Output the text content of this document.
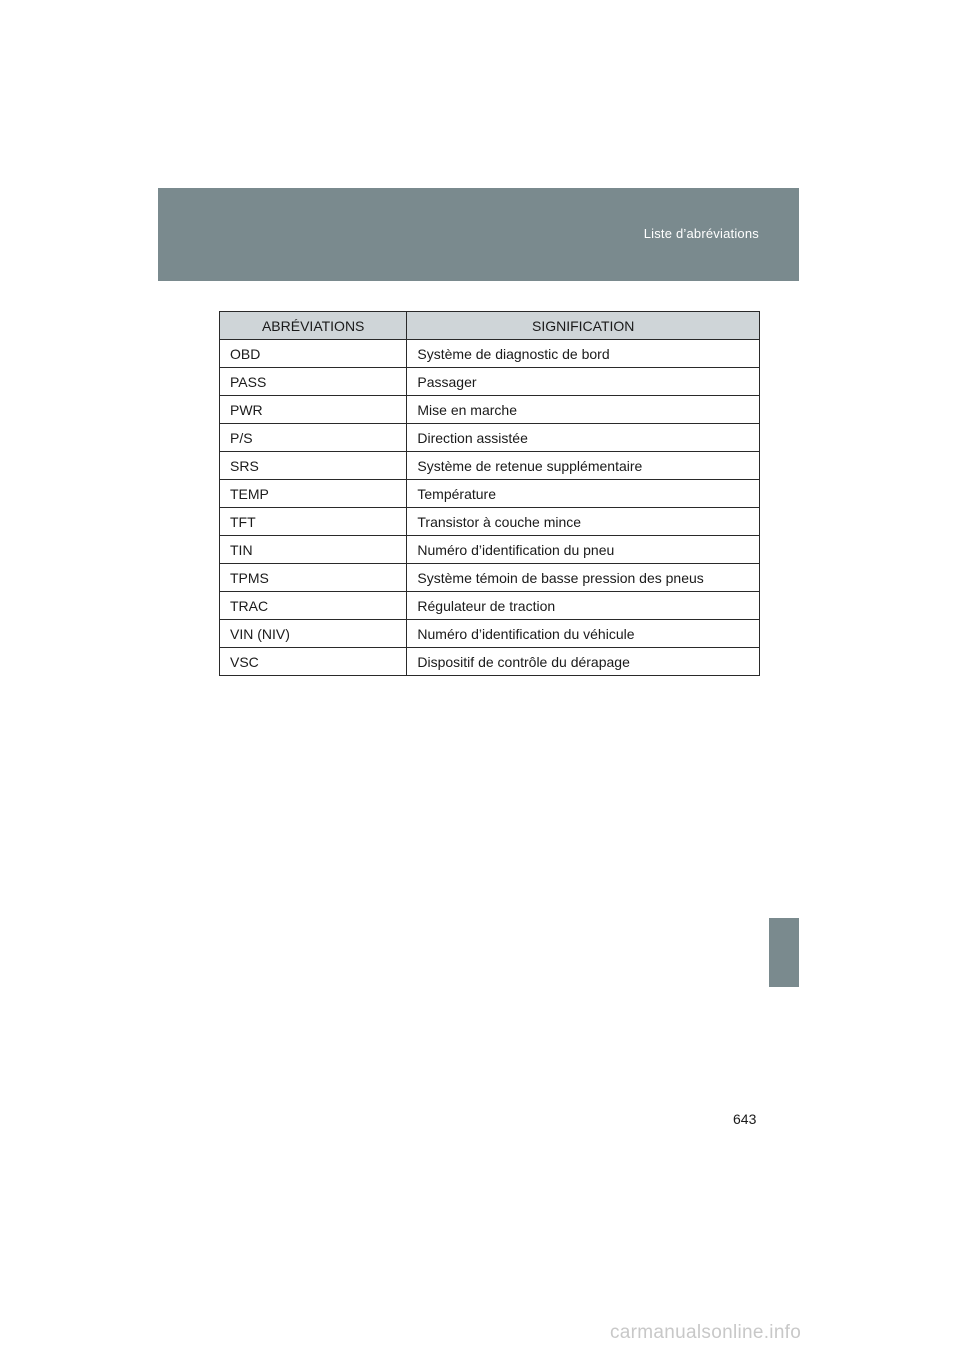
Liste d’abréviations
ABRÉVIATIONS	SIGNIFICATION
OBD	Système de diagnostic de bord
PASS	Passager
PWR	Mise en marche
P/S	Direction assistée
SRS	Système de retenue supplémentaire
TEMP	Température
TFT	Transistor à couche mince
TIN	Numéro d’identification du pneu
TPMS	Système témoin de basse pression des pneus
TRAC	Régulateur de traction
VIN (NIV)	Numéro d’identification du véhicule
VSC	Dispositif de contrôle du dérapage
643
carmanualsonline.info
